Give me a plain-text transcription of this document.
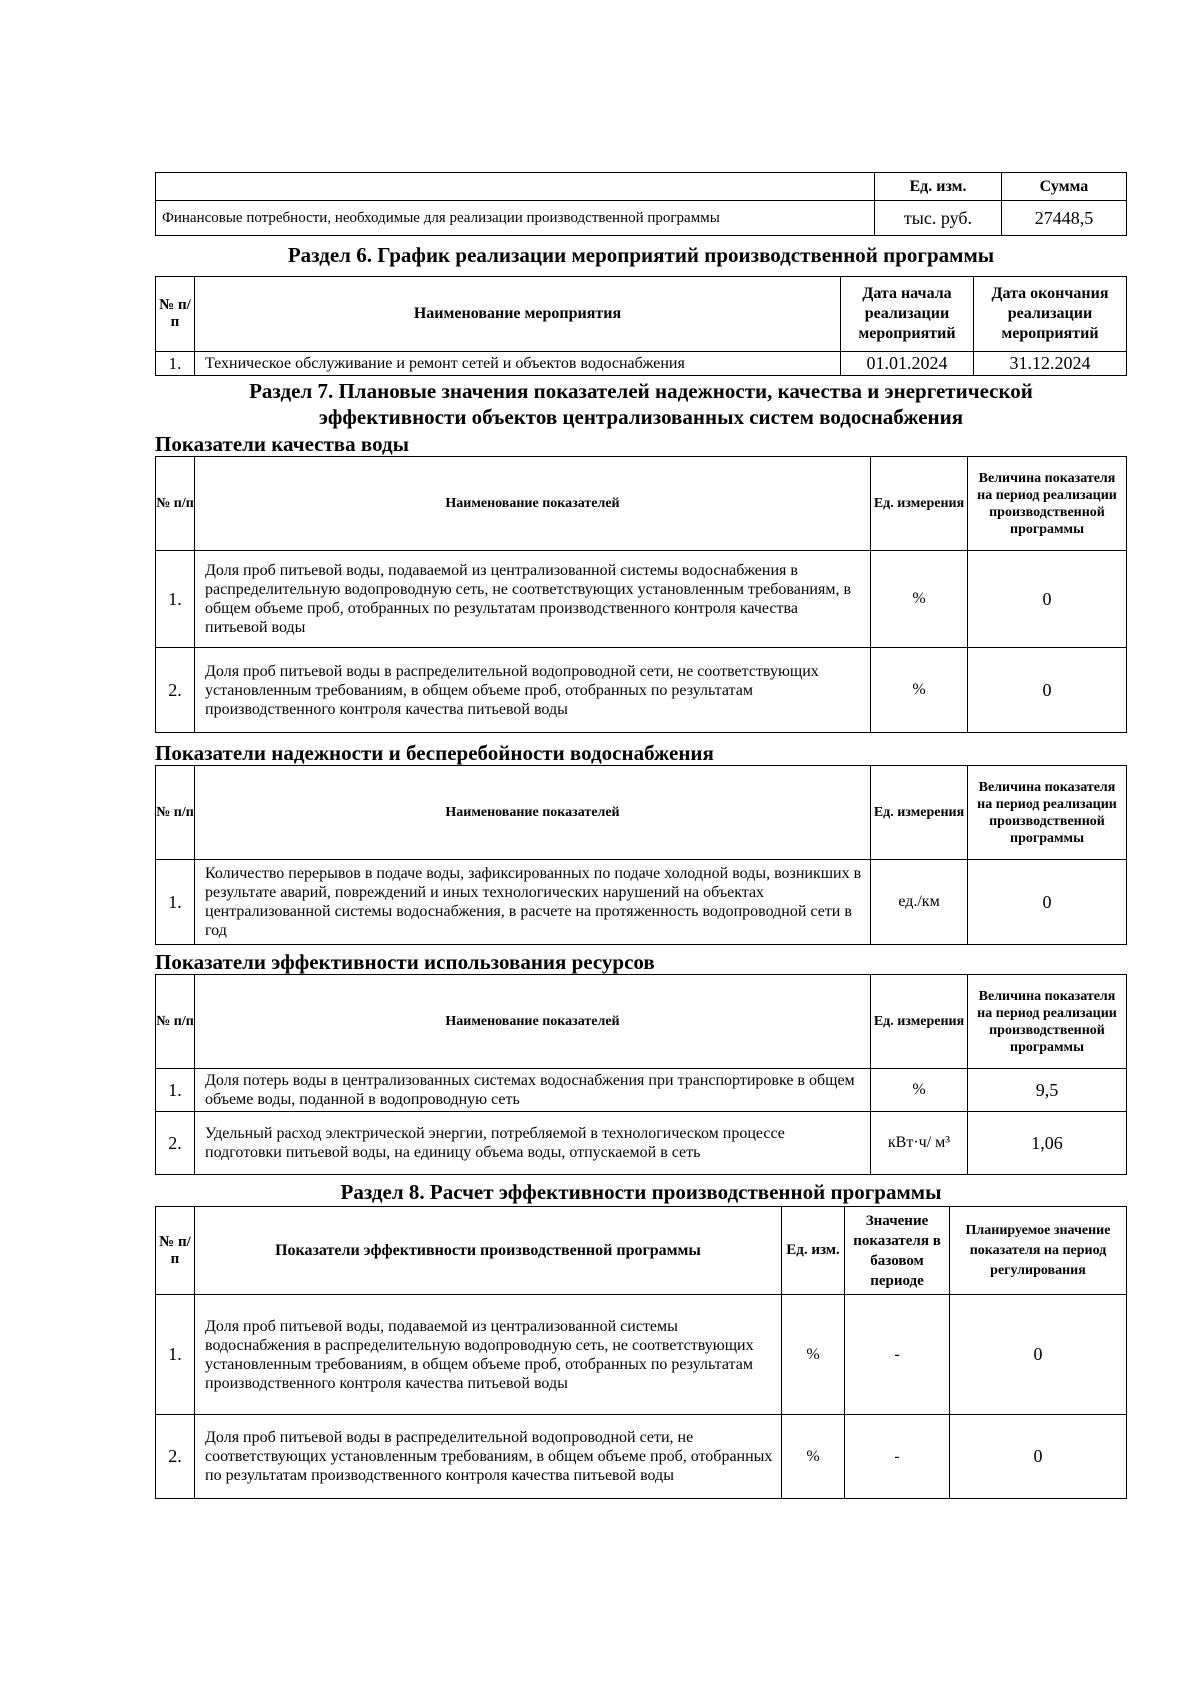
	Ед. изм.	Сумма
Финансовые потребности, необходимые для реализации производственной программы	тыс. руб.	27448,5
Раздел 6. График реализации мероприятий производственной программы
№ п/п	Наименование мероприятия	Дата начала реализации мероприятий	Дата окончания реализации мероприятий
1.	Техническое обслуживание и ремонт сетей и объектов водоснабжения	01.01.2024	31.12.2024
Раздел 7. Плановые значения показателей надежности, качества и энергетической
эффективности объектов централизованных систем водоснабжения
Показатели качества воды
№ п/п	Наименование показателей	Ед. измерения	Величина показателя на период реализации производственной программы
1.	Доля проб питьевой воды, подаваемой из централизованной системы водоснабжения в распределительную водопроводную сеть, не соответствующих установленным требованиям, в общем объеме проб, отобранных по результатам производственного контроля качества питьевой воды	%	0
2.	Доля проб питьевой воды в распределительной водопроводной сети, не соответствующих установленным требованиям, в общем объеме проб, отобранных по результатам производственного контроля качества питьевой воды	%	0
Показатели надежности и бесперебойности водоснабжения
№ п/п	Наименование показателей	Ед. измерения	Величина показателя на период реализации производственной программы
1.	Количество перерывов в подаче воды, зафиксированных по подаче холодной воды, возникших в результате аварий, повреждений и иных технологических нарушений на объектах централизованной системы водоснабжения, в расчете на протяженность водопроводной сети в год	ед./км	0
Показатели эффективности использования ресурсов
№ п/п	Наименование показателей	Ед. измерения	Величина показателя на период реализации производственной программы
1.	Доля потерь воды в централизованных системах водоснабжения при транспортировке в общем объеме воды, поданной в водопроводную сеть	%	9,5
2.	Удельный расход электрической энергии, потребляемой в технологическом процессе подготовки питьевой воды, на единицу объема воды, отпускаемой в сеть	кВт·ч/ м³	1,06
Раздел 8. Расчет эффективности производственной программы
№ п/п	Показатели эффективности производственной программы	Ед. изм.	Значение показателя в базовом периоде	Планируемое значение показателя на период регулирования
1.	Доля проб питьевой воды, подаваемой из централизованной системы водоснабжения в распределительную водопроводную сеть, не соответствующих установленным требованиям, в общем объеме проб, отобранных по результатам производственного контроля качества питьевой воды	%	-	0
2.	Доля проб питьевой воды в распределительной водопроводной сети, не соответствующих установленным требованиям, в общем объеме проб, отобранных по результатам производственного контроля качества питьевой воды	%	-	0
